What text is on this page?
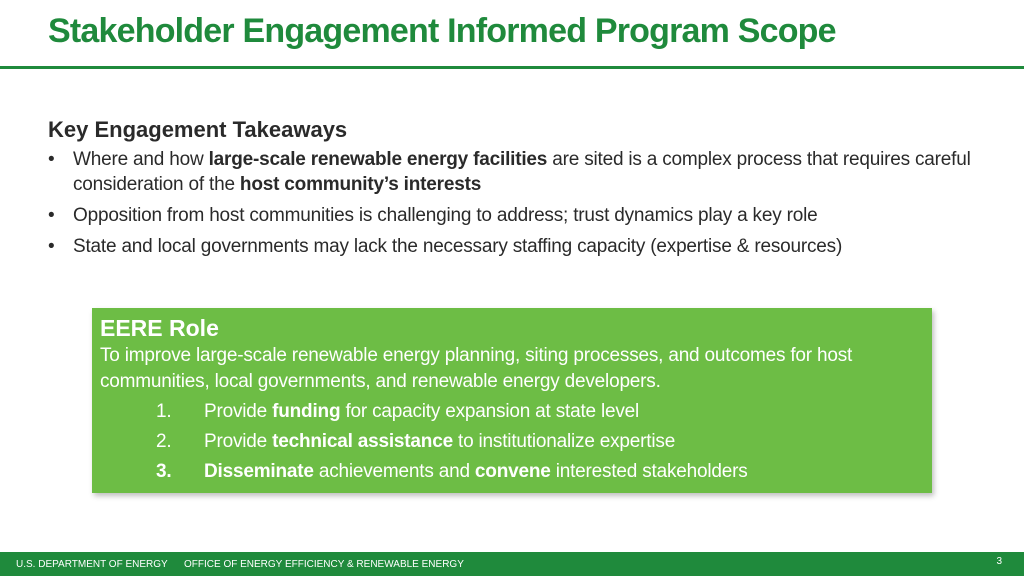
Stakeholder Engagement Informed Program Scope
Key Engagement Takeaways
• Where and how large-scale renewable energy facilities are sited is a complex process that requires careful consideration of the host community’s interests
• Opposition from host communities is challenging to address; trust dynamics play a key role
• State and local governments may lack the necessary staffing capacity (expertise & resources)
EERE Role
To improve large-scale renewable energy planning, siting processes, and outcomes for host communities, local governments, and renewable energy developers.
1.	Provide funding for capacity expansion at state level
2.	Provide technical assistance to institutionalize expertise
3.	Disseminate achievements and convene interested stakeholders
U.S. DEPARTMENT OF ENERGY OFFICE OF ENERGY EFFICIENCY & RENEWABLE ENERGY	3
